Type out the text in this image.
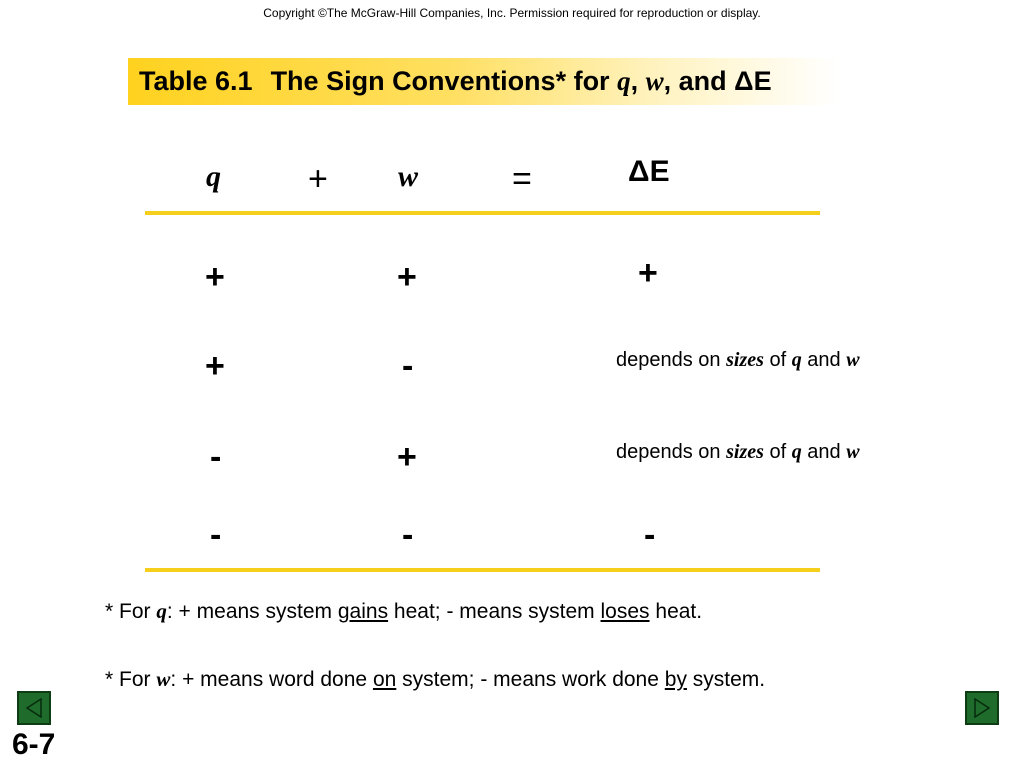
Copyright ©The McGraw-Hill Companies, Inc. Permission required for reproduction or display.
Table 6.1 The Sign Conventions* for q, w, and ΔE
q	+ w	=	ΔE
+	+	+
+	-	depends on sizes of q and w
-	+	depends on sizes of q and w
-	-	-
* For q: + means system gains heat; - means system loses heat.
* For w: + means word done on system; - means work done by system.
6-7
